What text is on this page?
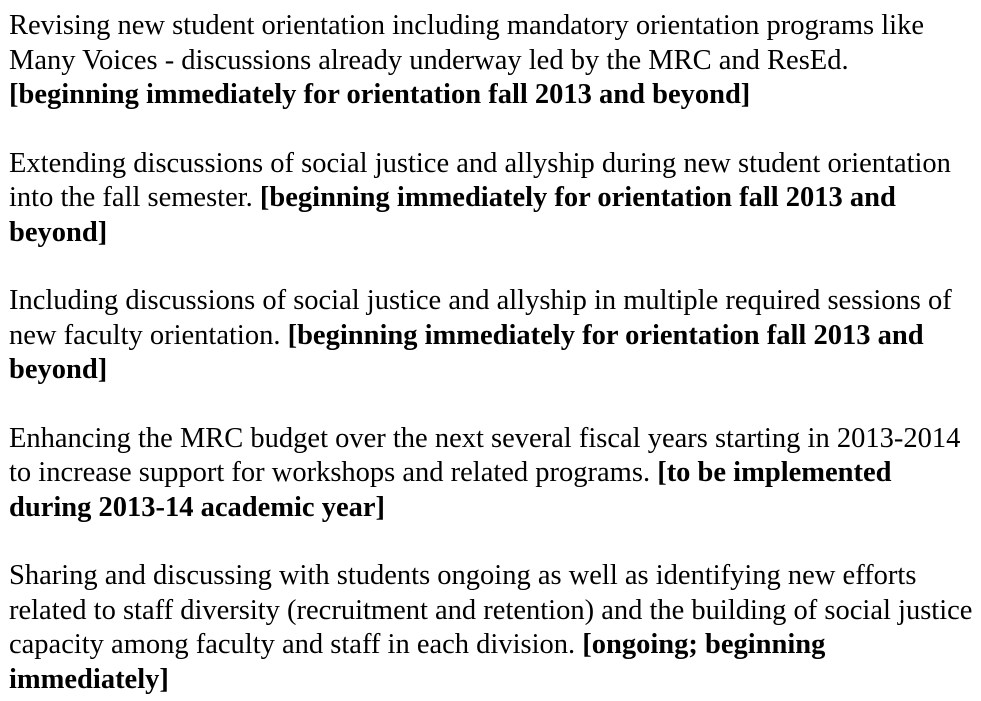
Revising new student orientation including mandatory orientation programs like Many Voices - discussions already underway led by the MRC and ResEd.
[beginning immediately for orientation fall 2013 and beyond]

Extending discussions of social justice and allyship during new student orientation into the fall semester. [beginning immediately for orientation fall 2013 and beyond]

Including discussions of social justice and allyship in multiple required sessions of new faculty orientation. [beginning immediately for orientation fall 2013 and beyond]

Enhancing the MRC budget over the next several fiscal years starting in 2013-2014 to increase support for workshops and related programs. [to be implemented during 2013-14 academic year]

Sharing and discussing with students ongoing as well as identifying new efforts related to staff diversity (recruitment and retention) and the building of social justice capacity among faculty and staff in each division. [ongoing; beginning immediately]
